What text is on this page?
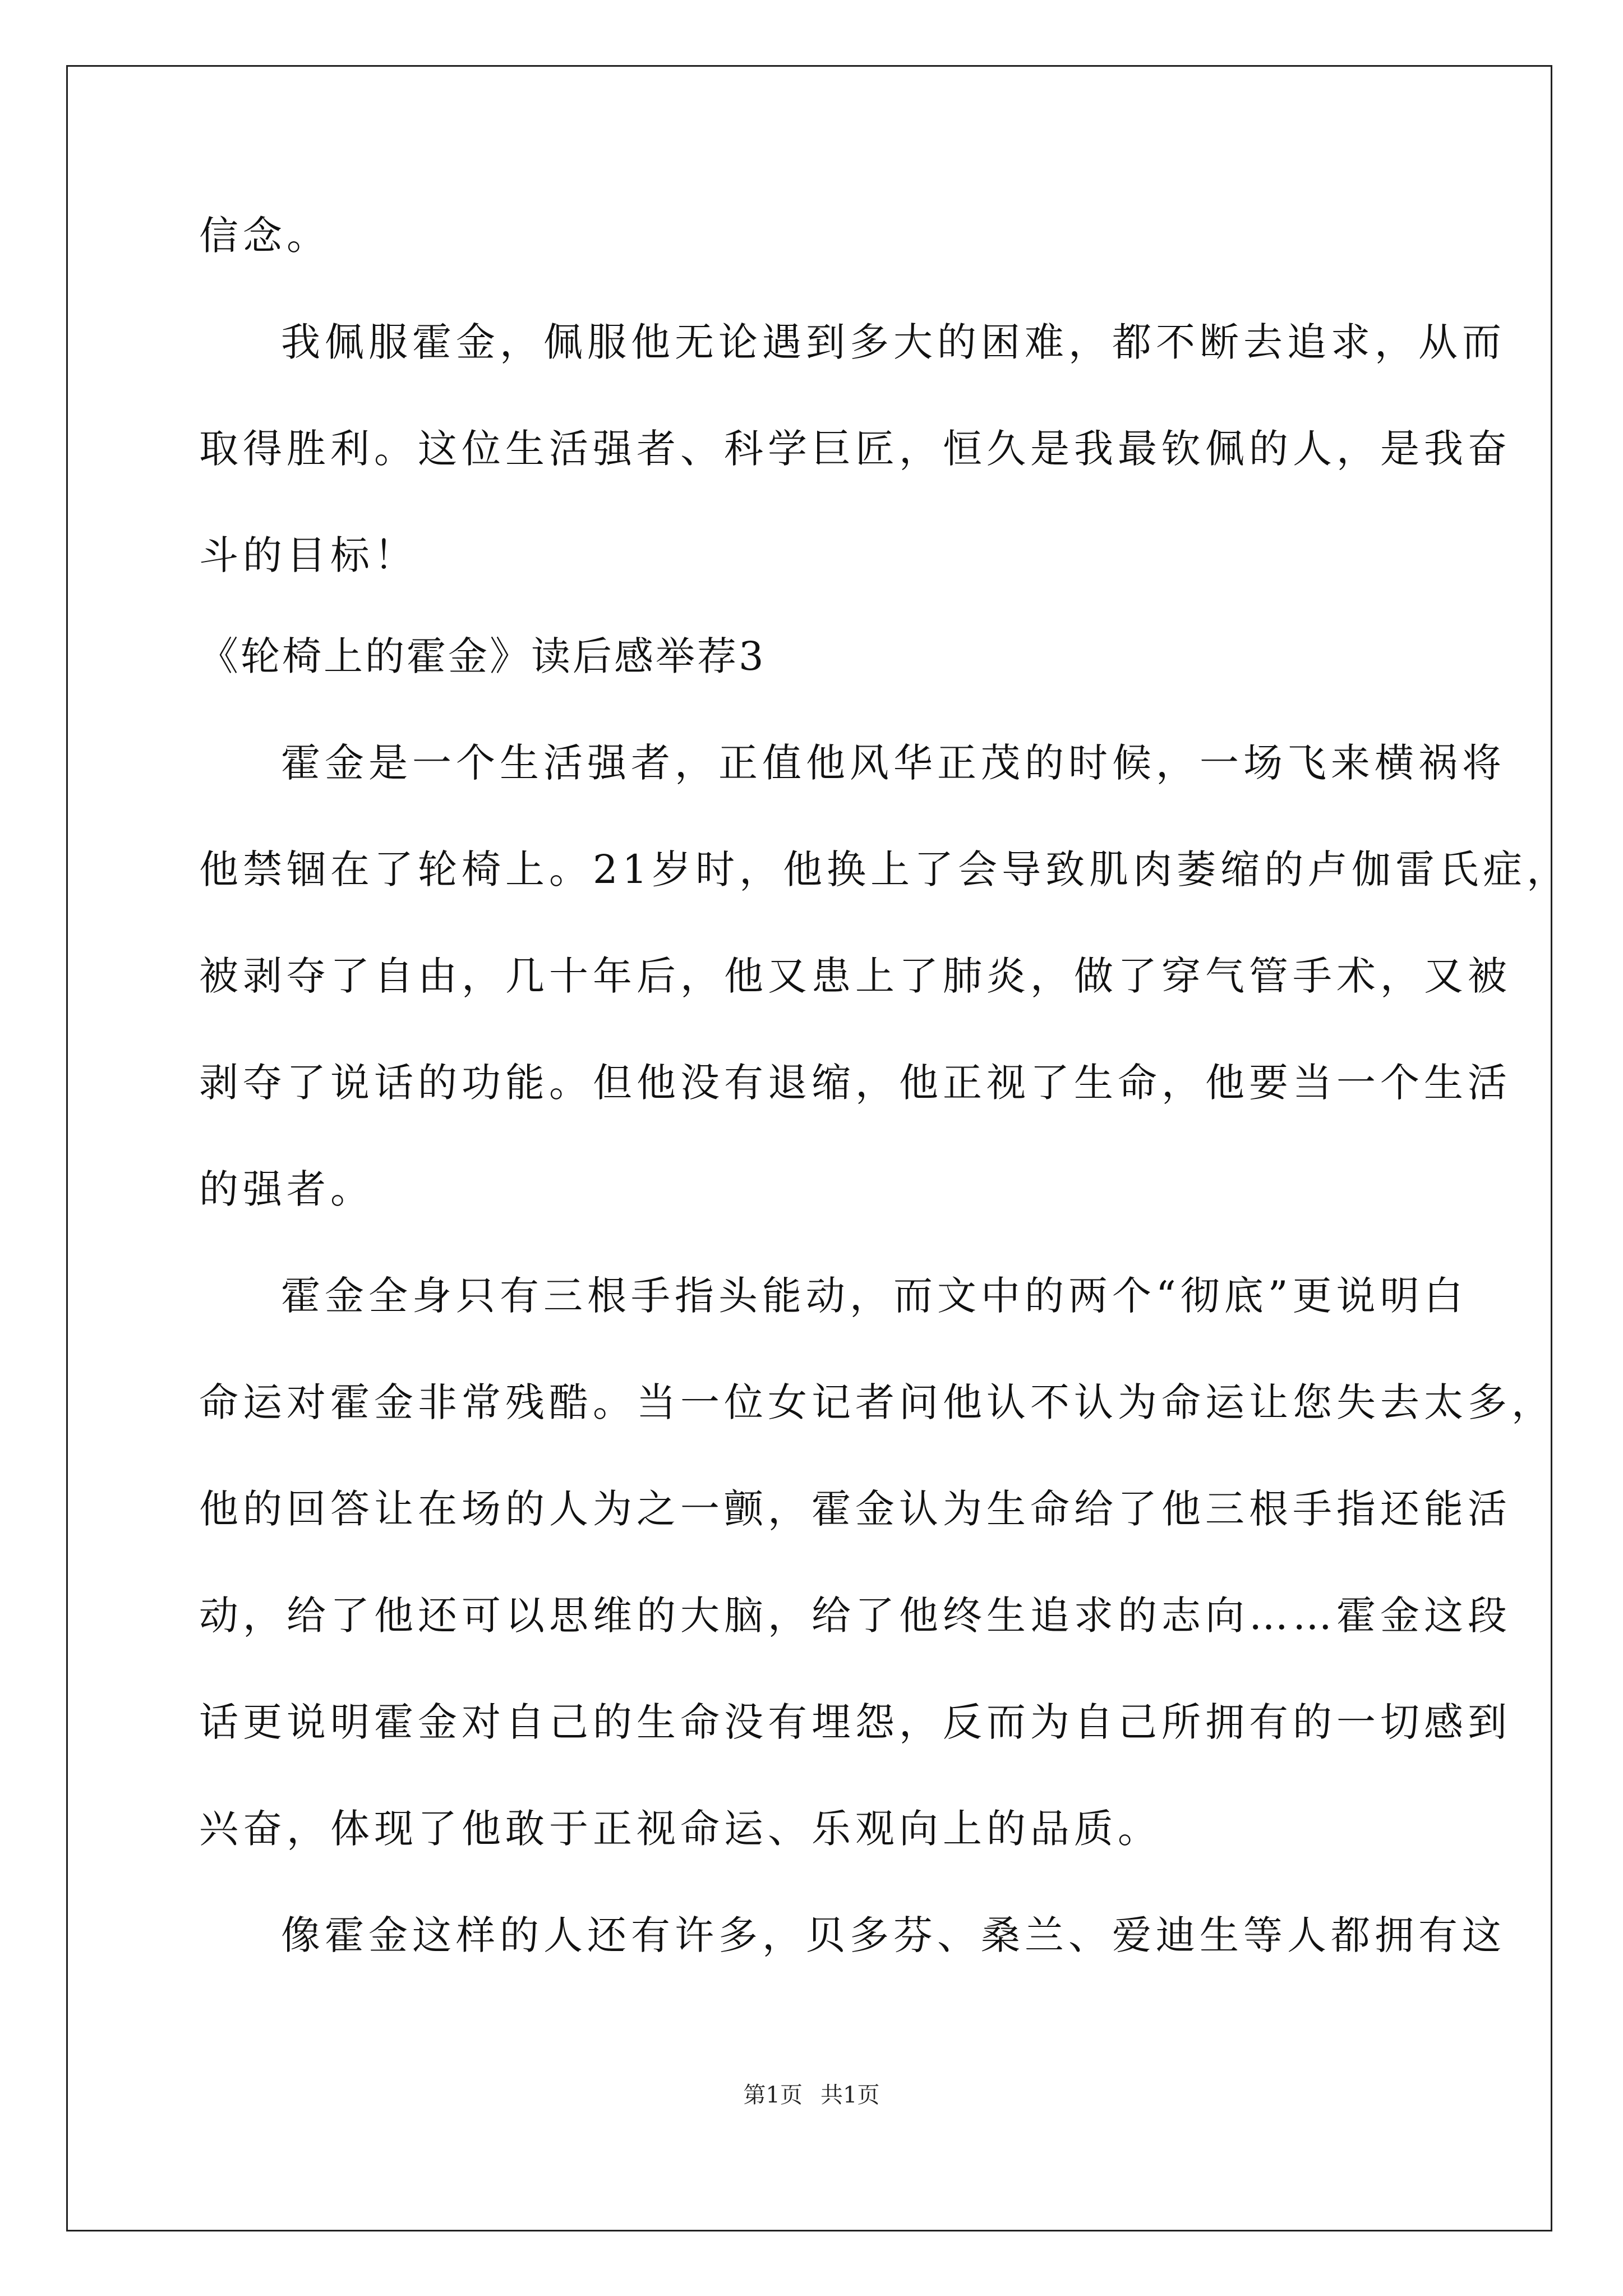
信念。
我佩服霍金，佩服他无论遇到多大的困难，都不断去追求，从而
取得胜利。这位生活强者、科学巨匠，恒久是我最钦佩的人，是我奋
斗的目标！
《轮椅上的霍金》读后感举荐3
霍金是一个生活强者，正值他风华正茂的时候，一场飞来横祸将
他禁锢在了轮椅上。21岁时，他换上了会导致肌肉萎缩的卢伽雷氏症，
被剥夺了自由，几十年后，他又患上了肺炎，做了穿气管手术，又被
剥夺了说话的功能。但他没有退缩，他正视了生命，他要当一个生活
的强者。
霍金全身只有三根手指头能动，而文中的两个“彻底”更说明白
命运对霍金非常残酷。当一位女记者问他认不认为命运让您失去太多，
他的回答让在场的人为之一颤，霍金认为生命给了他三根手指还能活
动，给了他还可以思维的大脑，给了他终生追求的志向……霍金这段
话更说明霍金对自己的生命没有埋怨，反而为自己所拥有的一切感到
兴奋，体现了他敢于正视命运、乐观向上的品质。
像霍金这样的人还有许多，贝多芬、桑兰、爱迪生等人都拥有这
第1页 共1页
